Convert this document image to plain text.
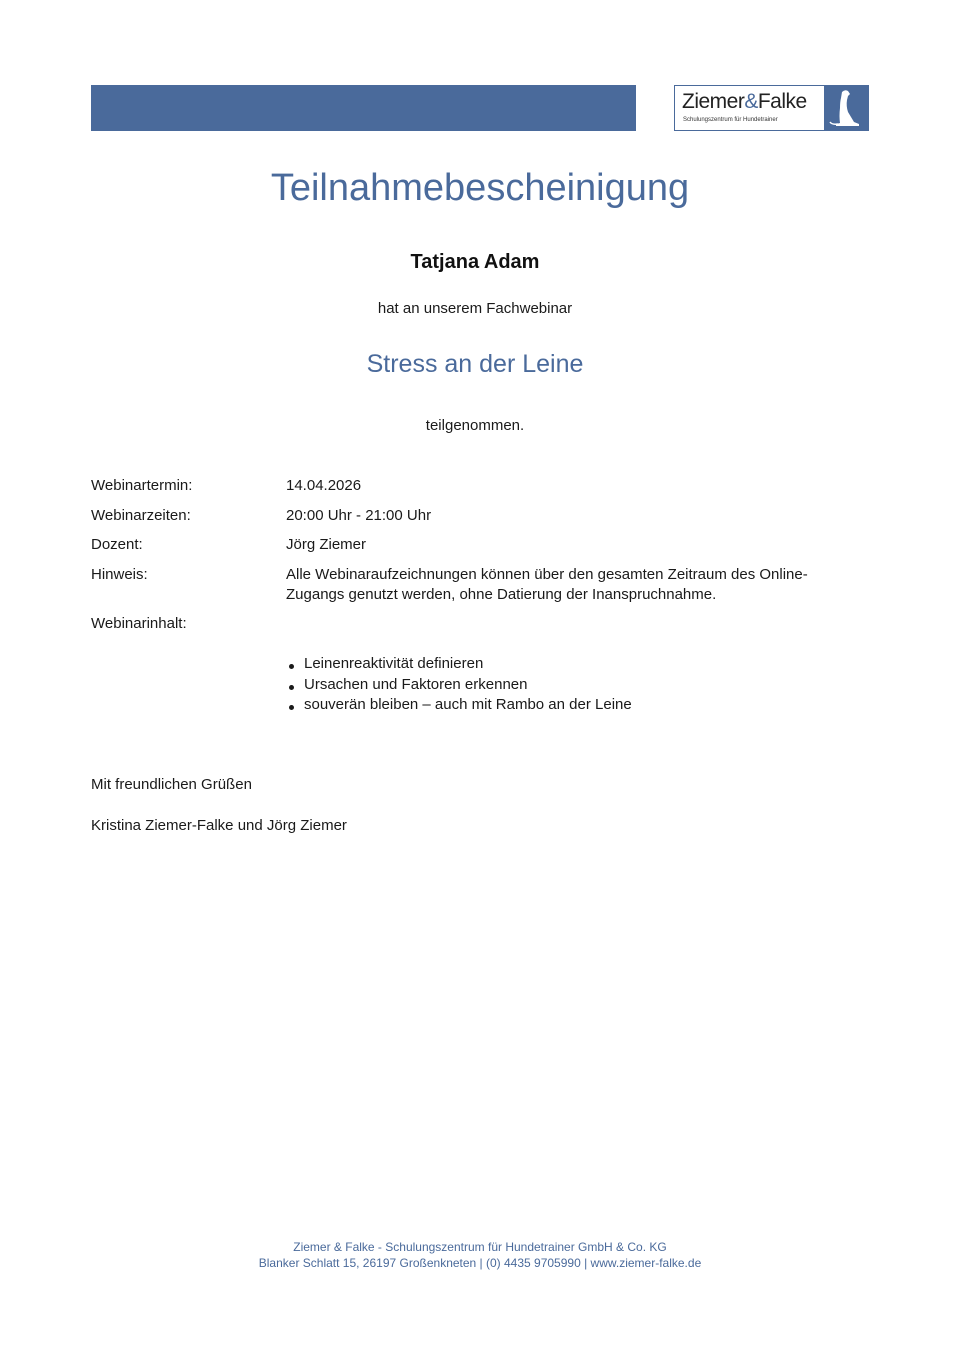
Ziemer&Falke
Schulungszentrum für Hundetrainer
Teilnahmebescheinigung
Tatjana Adam
hat an unserem Fachwebinar
Stress an der Leine
teilgenommen.
Webinartermin:	14.04.2026
Webinarzeiten:	20:00 Uhr - 21:00 Uhr
Dozent:	Jörg Ziemer
Hinweis:	Alle Webinaraufzeichnungen können über den gesamten Zeitraum des Online-Zugangs genutzt werden, ohne Datierung der Inanspruchnahme.
Webinarinhalt:
Leinenreaktivität definieren
Ursachen und Faktoren erkennen
souverän bleiben – auch mit Rambo an der Leine
Mit freundlichen Grüßen
Kristina Ziemer-Falke und Jörg Ziemer
Ziemer & Falke - Schulungszentrum für Hundetrainer GmbH & Co. KG
Blanker Schlatt 15, 26197 Großenkneten | (0) 4435 9705990 | www.ziemer-falke.de
